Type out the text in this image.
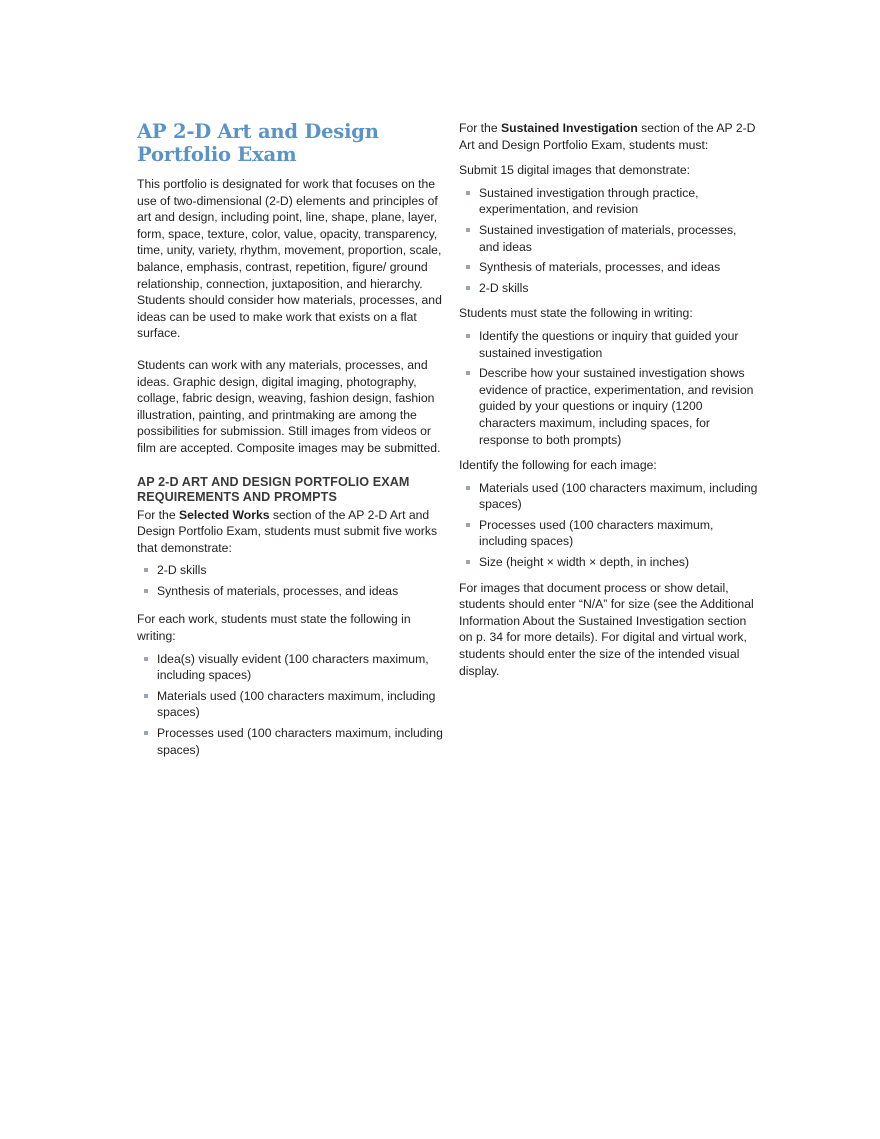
AP 2-D Art and Design
Portfolio Exam

This portfolio is designated for work that focuses on the use of two-dimensional (2-D) elements and principles of art and design, including point, line, shape, plane, layer, form, space, texture, color, value, opacity, transparency, time, unity, variety, rhythm, movement, proportion, scale, balance, emphasis, contrast, repetition, figure/ ground relationship, connection, juxtaposition, and hierarchy. Students should consider how materials, processes, and ideas can be used to make work that exists on a flat surface.

Students can work with any materials, processes, and ideas. Graphic design, digital imaging, photography, collage, fabric design, weaving, fashion design, fashion illustration, painting, and printmaking are among the possibilities for submission. Still images from videos or film are accepted. Composite images may be submitted.

AP 2-D ART AND DESIGN PORTFOLIO EXAM
REQUIREMENTS AND PROMPTS

For the Selected Works section of the AP 2-D Art and Design Portfolio Exam, students must submit five works that demonstrate:

2-D skills
Synthesis of materials, processes, and ideas

For each work, students must state the following in writing:

Idea(s) visually evident (100 characters maximum, including spaces)
Materials used (100 characters maximum, including spaces)
Processes used (100 characters maximum, including spaces)

For the Sustained Investigation section of the AP 2-D Art and Design Portfolio Exam, students must:

Submit 15 digital images that demonstrate:

Sustained investigation through practice, experimentation, and revision
Sustained investigation of materials, processes, and ideas
Synthesis of materials, processes, and ideas
2-D skills

Students must state the following in writing:

Identify the questions or inquiry that guided your sustained investigation
Describe how your sustained investigation shows evidence of practice, experimentation, and revision guided by your questions or inquiry (1200 characters maximum, including spaces, for response to both prompts)

Identify the following for each image:

Materials used (100 characters maximum, including spaces)
Processes used (100 characters maximum, including spaces)
Size (height × width × depth, in inches)

For images that document process or show detail, students should enter “N/A” for size (see the Additional Information About the Sustained Investigation section on p. 34 for more details). For digital and virtual work, students should enter the size of the intended visual display.
